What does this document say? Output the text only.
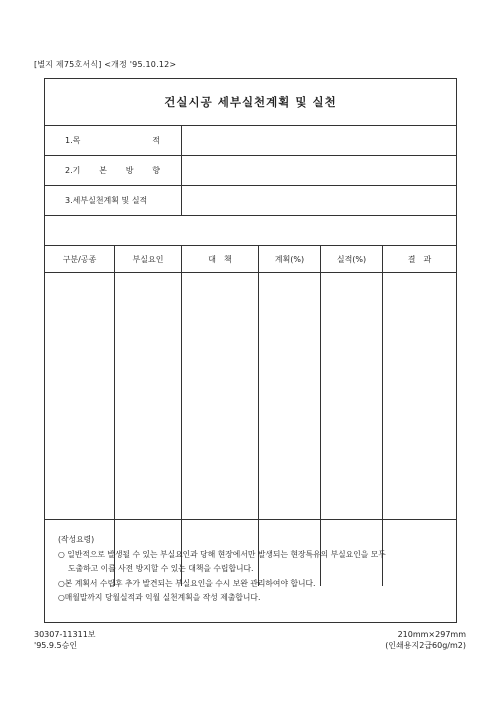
[별지 제75호서식] <개정 '95.10.12>
건실시공 세부실천계획 및 실천
1.목	적
2.기 본 방 향
3.세부실천계획 및 실적
구분/공종	부실요인	대　책	계획(%)	실적(%)	결　과
(작성요령)
○ 일반적으로 발생될 수 있는 부실요인과 당해 현장에서만 발생되는 현장특유의 부실요인을 모두
도출하고 이를 사전 방지할 수 있는 대책을 수립합니다.
○본 계획서 수립후 추가 발견되는 부실요인을 수시 보완 관리하여야 합니다.
○매월말까지 당월실적과 익월 실천계획을 작성 제출합니다.
30307-11311보
'95.9.5승인
210mm×297mm
(인쇄용지2급60g/m2)
